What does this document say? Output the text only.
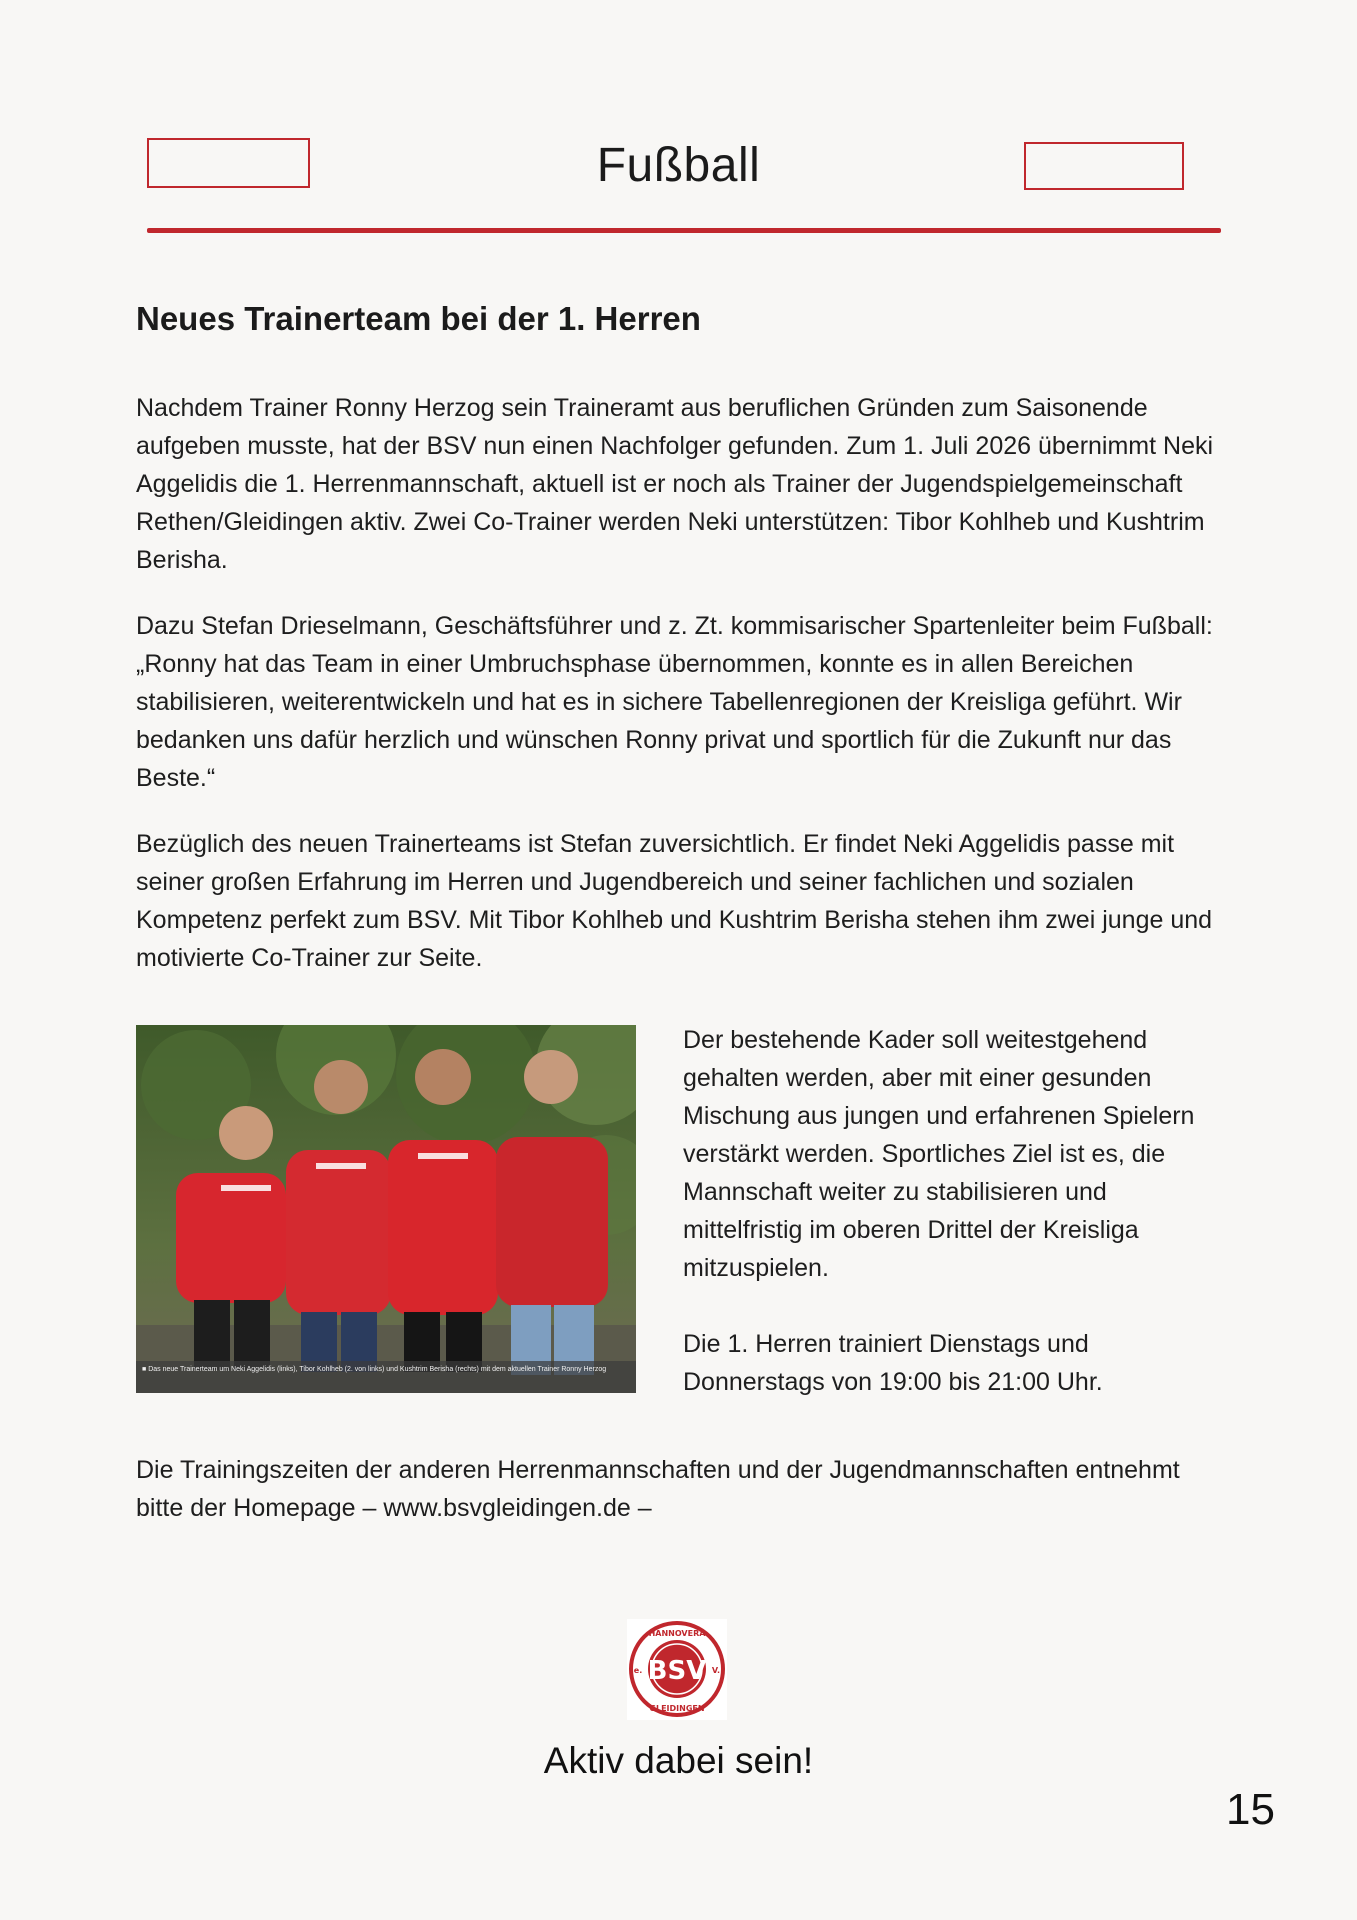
Fußball
Neues Trainerteam bei der 1. Herren

Nachdem Trainer Ronny Herzog sein Traineramt aus beruflichen Gründen zum Saisonende aufgeben musste, hat der BSV nun einen Nachfolger gefunden. Zum 1. Juli 2026 übernimmt Neki Aggelidis die 1. Herrenmannschaft, aktuell ist er noch als Trainer der Jugendspielgemeinschaft Rethen/Gleidingen aktiv. Zwei Co-Trainer werden Neki unterstützen: Tibor Kohlheb und Kushtrim Berisha.

Dazu Stefan Drieselmann, Geschäftsführer und z. Zt. kommisarischer Spartenleiter beim Fußball: „Ronny hat das Team in einer Umbruchsphase übernommen, konnte es in allen Bereichen stabilisieren, weiterentwickeln und hat es in sichere Tabellenregionen der Kreisliga geführt. Wir bedanken uns dafür herzlich und wünschen Ronny privat und sportlich für die Zukunft nur das Beste.“

Bezüglich des neuen Trainerteams ist Stefan zuversichtlich. Er findet Neki Aggelidis passe mit seiner großen Erfahrung im Herren und Jugendbereich und seiner fachlichen und sozialen Kompetenz perfekt zum BSV. Mit Tibor Kohlheb und Kushtrim Berisha stehen ihm zwei junge und motivierte Co-Trainer zur Seite.

■ Das neue Trainerteam um Neki Aggelidis (links), Tibor Kohlheb (2. von links) und Kushtrim Berisha (rechts) mit dem aktuellen Trainer Ronny Herzog

Der bestehende Kader soll weitestgehend gehalten werden, aber mit einer gesunden Mischung aus jungen und erfahrenen Spielern verstärkt werden. Sportliches Ziel ist es, die Mannschaft weiter zu stabilisieren und mittelfristig im oberen Drittel der Kreisliga mitzuspielen.

Die 1. Herren trainiert Dienstags und Donnerstags von 19:00 bis 21:00 Uhr.

Die Trainingszeiten der anderen Herrenmannschaften und der Jugendmannschaften entnehmt bitte der Homepage – www.bsvgleidingen.de –

BSV
HANNOVERA
GLEIDINGEN
e.	V.
Aktiv dabei sein!
15
